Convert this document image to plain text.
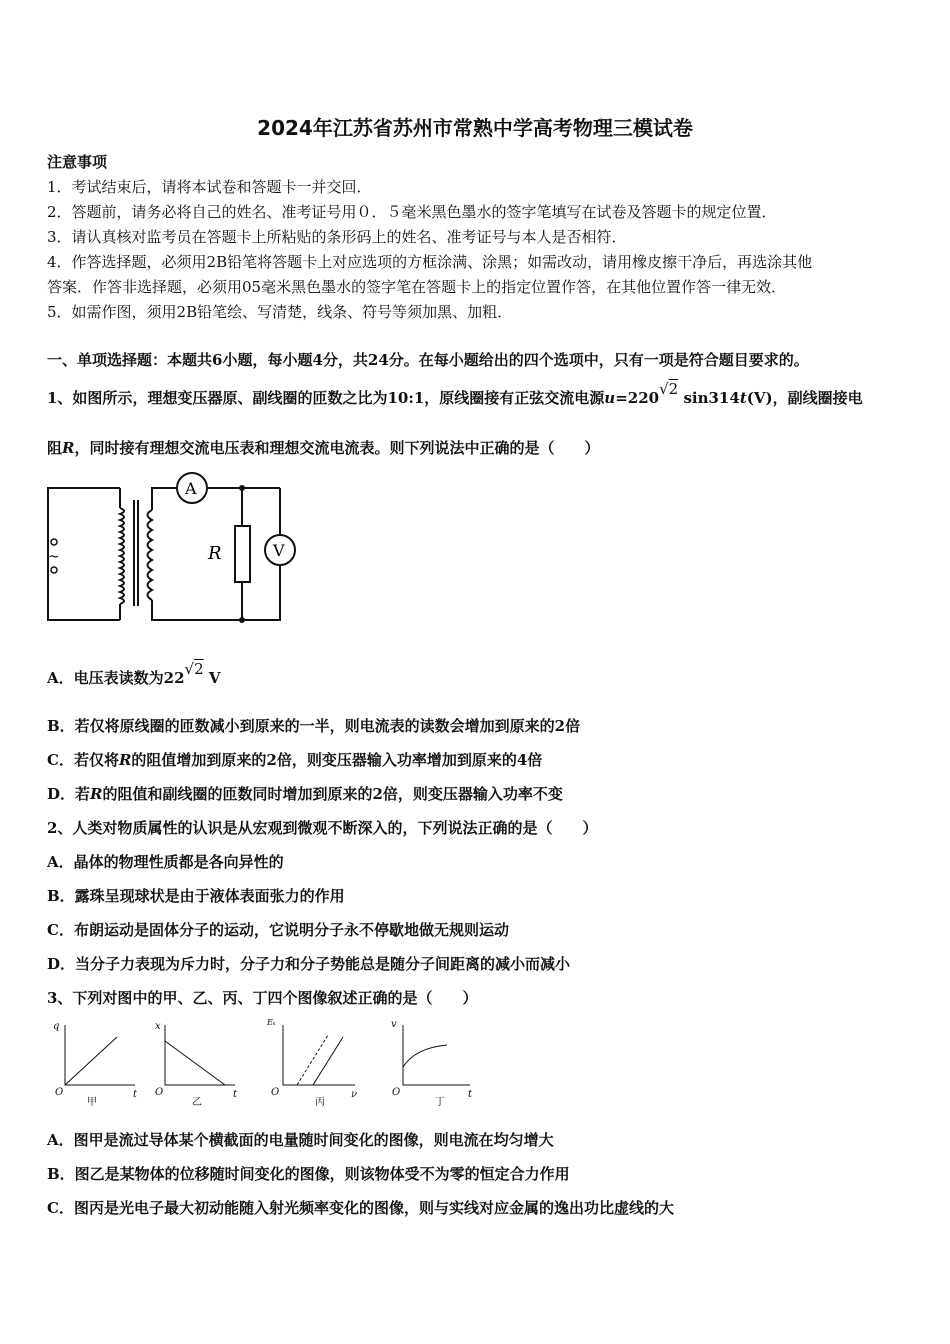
2024年江苏省苏州市常熟中学高考物理三模试卷
注意事项
1．考试结束后，请将本试卷和答题卡一并交回．
2．答题前，请务必将自己的姓名、准考证号用０．５毫米黑色墨水的签字笔填写在试卷及答题卡的规定位置．
3．请认真核对监考员在答题卡上所粘贴的条形码上的姓名、准考证号与本人是否相符．
4．作答选择题，必须用2B铅笔将答题卡上对应选项的方框涂满、涂黑；如需改动，请用橡皮擦干净后，再选涂其他
答案．作答非选择题，必须用05毫米黑色墨水的签字笔在答题卡上的指定位置作答，在其他位置作答一律无效．
5．如需作图，须用2B铅笔绘、写清楚，线条、符号等须加黑、加粗．
一、单项选择题：本题共6小题，每小题4分，共24分。在每小题给出的四个选项中，只有一项是符合题目要求的。
1、如图所示，理想变压器原、副线圈的匝数之比为10:1，原线圈接有正弦交流电源u=220√2 sin314t(V)，副线圈接电
阻R，同时接有理想交流电压表和理想交流电流表。则下列说法中正确的是（　　）
~
A
V
R
A．电压表读数为22√2 V
B．若仅将原线圈的匝数减小到原来的一半，则电流表的读数会增加到原来的2倍
C．若仅将R的阻值增加到原来的2倍，则变压器输入功率增加到原来的4倍
D．若R的阻值和副线圈的匝数同时增加到原来的2倍，则变压器输入功率不变
2、人类对物质属性的认识是从宏观到微观不断深入的，下列说法正确的是（　　）
A．晶体的物理性质都是各向异性的
B．露珠呈现球状是由于液体表面张力的作用
C．布朗运动是固体分子的运动，它说明分子永不停歇地做无规则运动
D．当分子力表现为斥力时，分子力和分子势能总是随分子间距离的减小而减小
3、下列对图中的甲、乙、丙、丁四个图像叙述正确的是（　　）
q
t
O
x
t
O
Eₖ
ν
O
v
t
O
甲	乙	丙	丁
A．图甲是流过导体某个横截面的电量随时间变化的图像，则电流在均匀增大
B．图乙是某物体的位移随时间变化的图像，则该物体受不为零的恒定合力作用
C．图丙是光电子最大初动能随入射光频率变化的图像，则与实线对应金属的逸出功比虚线的大
